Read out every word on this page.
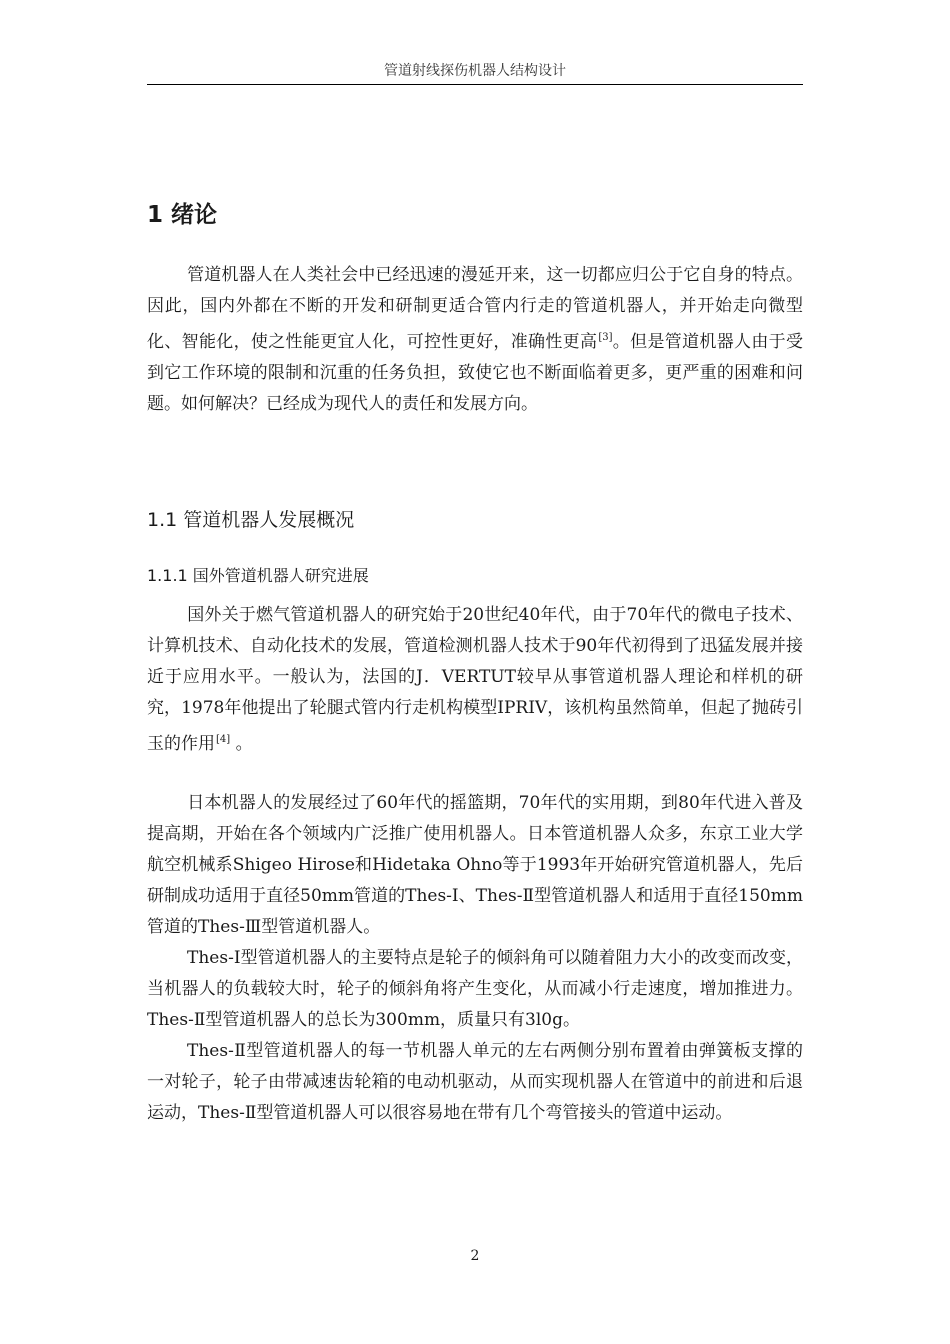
管道射线探伤机器人结构设计
1 绪论

管道机器人在人类社会中已经迅速的漫延开来，这一切都应归公于它自身的特点。因此，国内外都在不断的开发和研制更适合管内行走的管道机器人，并开始走向微型化、智能化，使之性能更宜人化，可控性更好，准确性更高[3]。但是管道机器人由于受到它工作环境的限制和沉重的任务负担，致使它也不断面临着更多，更严重的困难和问题。如何解决？已经成为现代人的责任和发展方向。

1.1 管道机器人发展概况
1.1.1 国外管道机器人研究进展

国外关于燃气管道机器人的研究始于20世纪40年代，由于70年代的微电子技术、计算机技术、自动化技术的发展，管道检测机器人技术于90年代初得到了迅猛发展并接近于应用水平。一般认为，法国的J．VERTUT较早从事管道机器人理论和样机的研究，1978年他提出了轮腿式管内行走机构模型IPRIV，该机构虽然简单，但起了抛砖引玉的作用[4] 。

日本机器人的发展经过了60年代的摇篮期，70年代的实用期，到80年代进入普及提高期，开始在各个领域内广泛推广使用机器人。日本管道机器人众多，东京工业大学航空机械系Shigeo Hirose和Hidetaka Ohno等于1993年开始研究管道机器人，先后研制成功适用于直径50mm管道的Thes-I、Thes-Ⅱ型管道机器人和适用于直径150mm管道的Thes-Ⅲ型管道机器人。

Thes-I型管道机器人的主要特点是轮子的倾斜角可以随着阻力大小的改变而改变，当机器人的负载较大时，轮子的倾斜角将产生变化，从而减小行走速度，增加推进力。Thes-Ⅱ型管道机器人的总长为300mm，质量只有3l0g。

Thes-Ⅱ型管道机器人的每一节机器人单元的左右两侧分别布置着由弹簧板支撑的一对轮子，轮子由带减速齿轮箱的电动机驱动，从而实现机器人在管道中的前进和后退运动，Thes-Ⅱ型管道机器人可以很容易地在带有几个弯管接头的管道中运动。

2
